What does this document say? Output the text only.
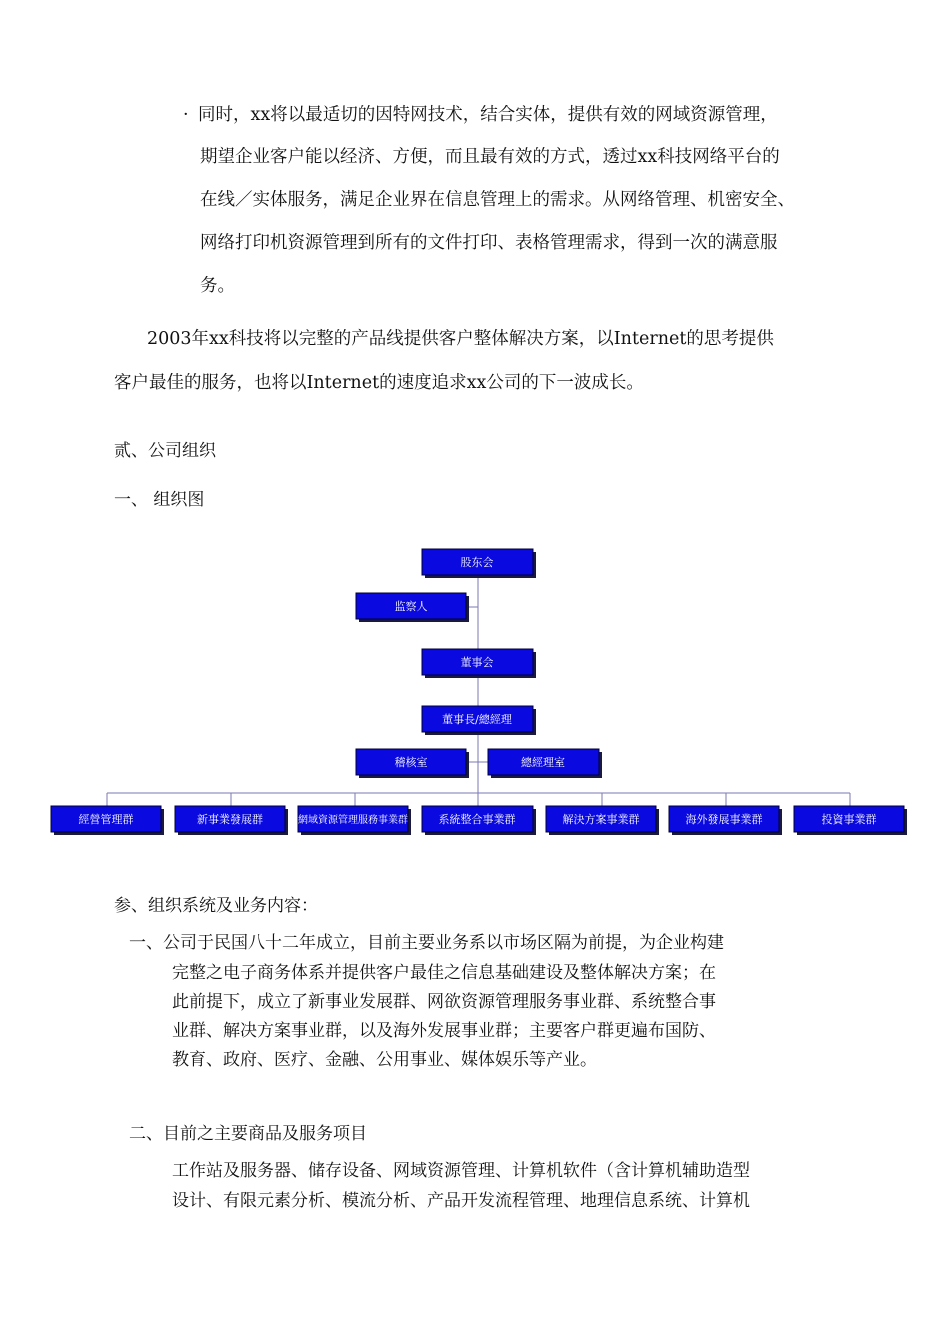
· 同时，xx将以最适切的因特网技术，结合实体，提供有效的网域资源管理，

期望企业客户能以经济、方便，而且最有效的方式，透过xx科技网络平台的

在线／实体服务，满足企业界在信息管理上的需求。从网络管理、机密安全、

网络打印机资源管理到所有的文件打印、表格管理需求，得到一次的满意服

务。

2003年xx科技将以完整的产品线提供客户整体解决方案，以Internet的思考提供

客户最佳的服务，也将以Internet的速度追求xx公司的下一波成长。

贰、公司组织

一、 组织图

股东会
监察人
董事会
董事長/總經理
稽核室	總經理室
經營管理群	新事業發展群	網域資源管理服務事業群	系統整合事業群	解決方案事業群	海外發展事業群	投資事業群

参、组织系统及业务内容：

一、公司于民国八十二年成立，目前主要业务系以市场区隔为前提，为企业构建

完整之电子商务体系并提供客户最佳之信息基础建设及整体解决方案；在

此前提下，成立了新事业发展群、网欲资源管理服务事业群、系统整合事

业群、解决方案事业群，以及海外发展事业群；主要客户群更遍布国防、

教育、政府、医疗、金融、公用事业、媒体娱乐等产业。

二、目前之主要商品及服务项目

工作站及服务器、储存设备、网域资源管理、计算机软件（含计算机辅助造型

设计、有限元素分析、模流分析、产品开发流程管理、地理信息系统、计算机
